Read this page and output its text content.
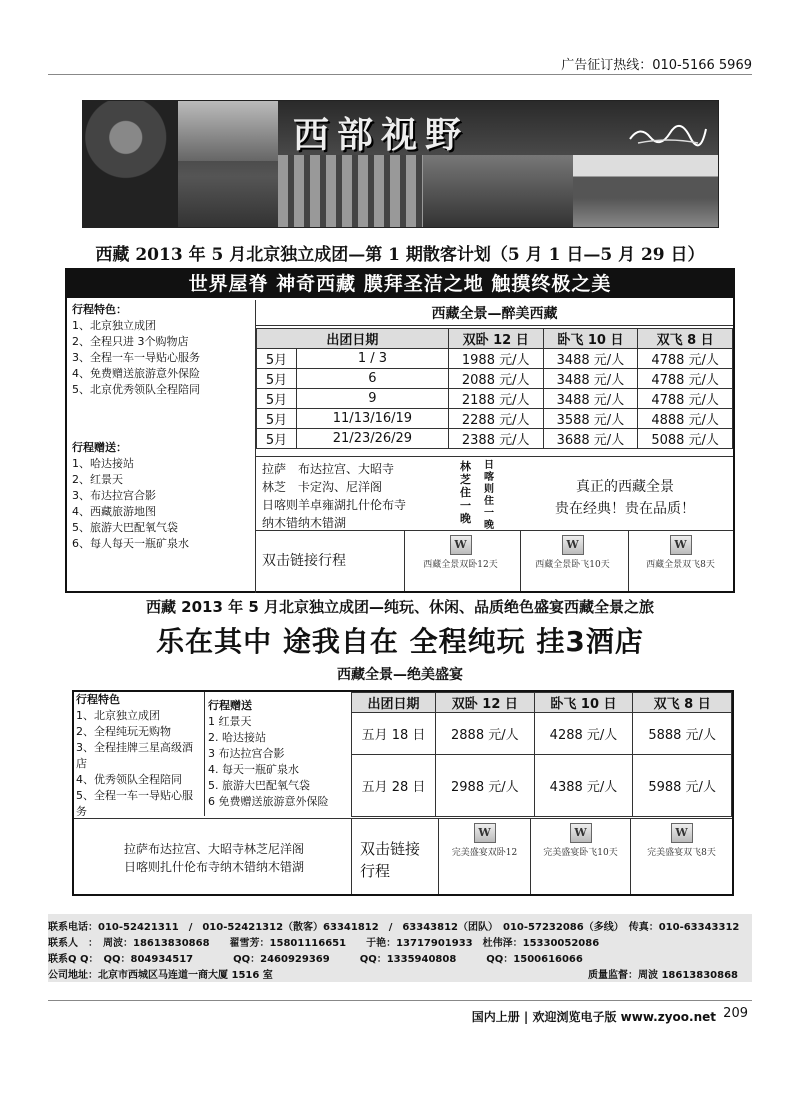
广告征订热线：010-5166 5969
西部视野
西藏 2013 年 5 月北京独立成团—第 1 期散客计划（5 月 1 日—5 月 29 日）
世界屋脊 神奇西藏 膜拜圣洁之地 触摸终极之美
行程特色：
1、北京独立成团
2、全程只进 3个购物店
3、全程一车一导贴心服务
4、免费赠送旅游意外保险
5、北京优秀领队全程陪同
行程赠送：
1、哈达接站
2、红景天
3、布达拉宫合影
4、西藏旅游地图
5、旅游大巴配氧气袋
6、每人每天一瓶矿泉水
西藏全景—醉美西藏
出团日期		双卧 12 日	卧飞 10 日	双飞 8 日
5月	1 / 3	1988 元/人	3488 元/人	4788 元/人
5月	6	2088 元/人	3488 元/人	4788 元/人
5月	9	2188 元/人	3488 元/人	4788 元/人
5月	11/13/16/19	2288 元/人	3588 元/人	4888 元/人
5月	21/23/26/29	2388 元/人	3688 元/人	5088 元/人
拉萨　布达拉宫、大昭寺
林芝　卡定沟、尼洋阁
日喀则羊卓雍湖扎什伦布寺
纳木错纳木错湖
林芝住一晚
日喀则住一晚
真正的西藏全景
贵在经典！贵在品质！
双击链接行程
W
西藏全景双卧12天
W
西藏全景卧飞10天
W
西藏全景双飞8天
西藏 2013 年 5 月北京独立成团—纯玩、休闲、品质绝色盛宴西藏全景之旅
乐在其中 途我自在 全程纯玩 挂3酒店
西藏全景—绝美盛宴
行程特色
1、北京独立成团
2、全程纯玩无购物
3、全程挂牌三星高级酒店
4、优秀领队全程陪同
5、全程一车一导贴心服务
行程赠送
1 红景天
2. 哈达接站
3 布达拉宫合影
4. 每天一瓶矿泉水
5. 旅游大巴配氧气袋
6 免费赠送旅游意外保险
出团日期	双卧 12 日	卧飞 10 日	双飞 8 日
五月 18 日	2888 元/人	4288 元/人	5888 元/人
五月 28 日	2988 元/人	4388 元/人	5988 元/人
拉萨布达拉宫、大昭寺林芝尼洋阁
日喀则扎什伦布寺纳木错纳木错湖
双击链接
行程
W
完美盛宴双卧12
W
完美盛宴卧飞10天
W
完美盛宴双飞8天
联系电话：010-52421311　/　010-52421312（散客）63341812　/　63343812（团队）　010-57232086（多线）　传真：010-63343312
联系人　：　周波：18613830868　　翟雪芳：15801116651　　于艳：13717901933　杜伟泽：15330052086
联系Q Q：　QQ：804934517　　　　QQ：2460929369　　　QQ：1335940808　　　QQ：1500616066
公司地址：北京市西城区马连道一商大厦 1516 室	质量监督：周波 18613830868
国内上册 | 欢迎浏览电子版 www.zyoo.net 209
